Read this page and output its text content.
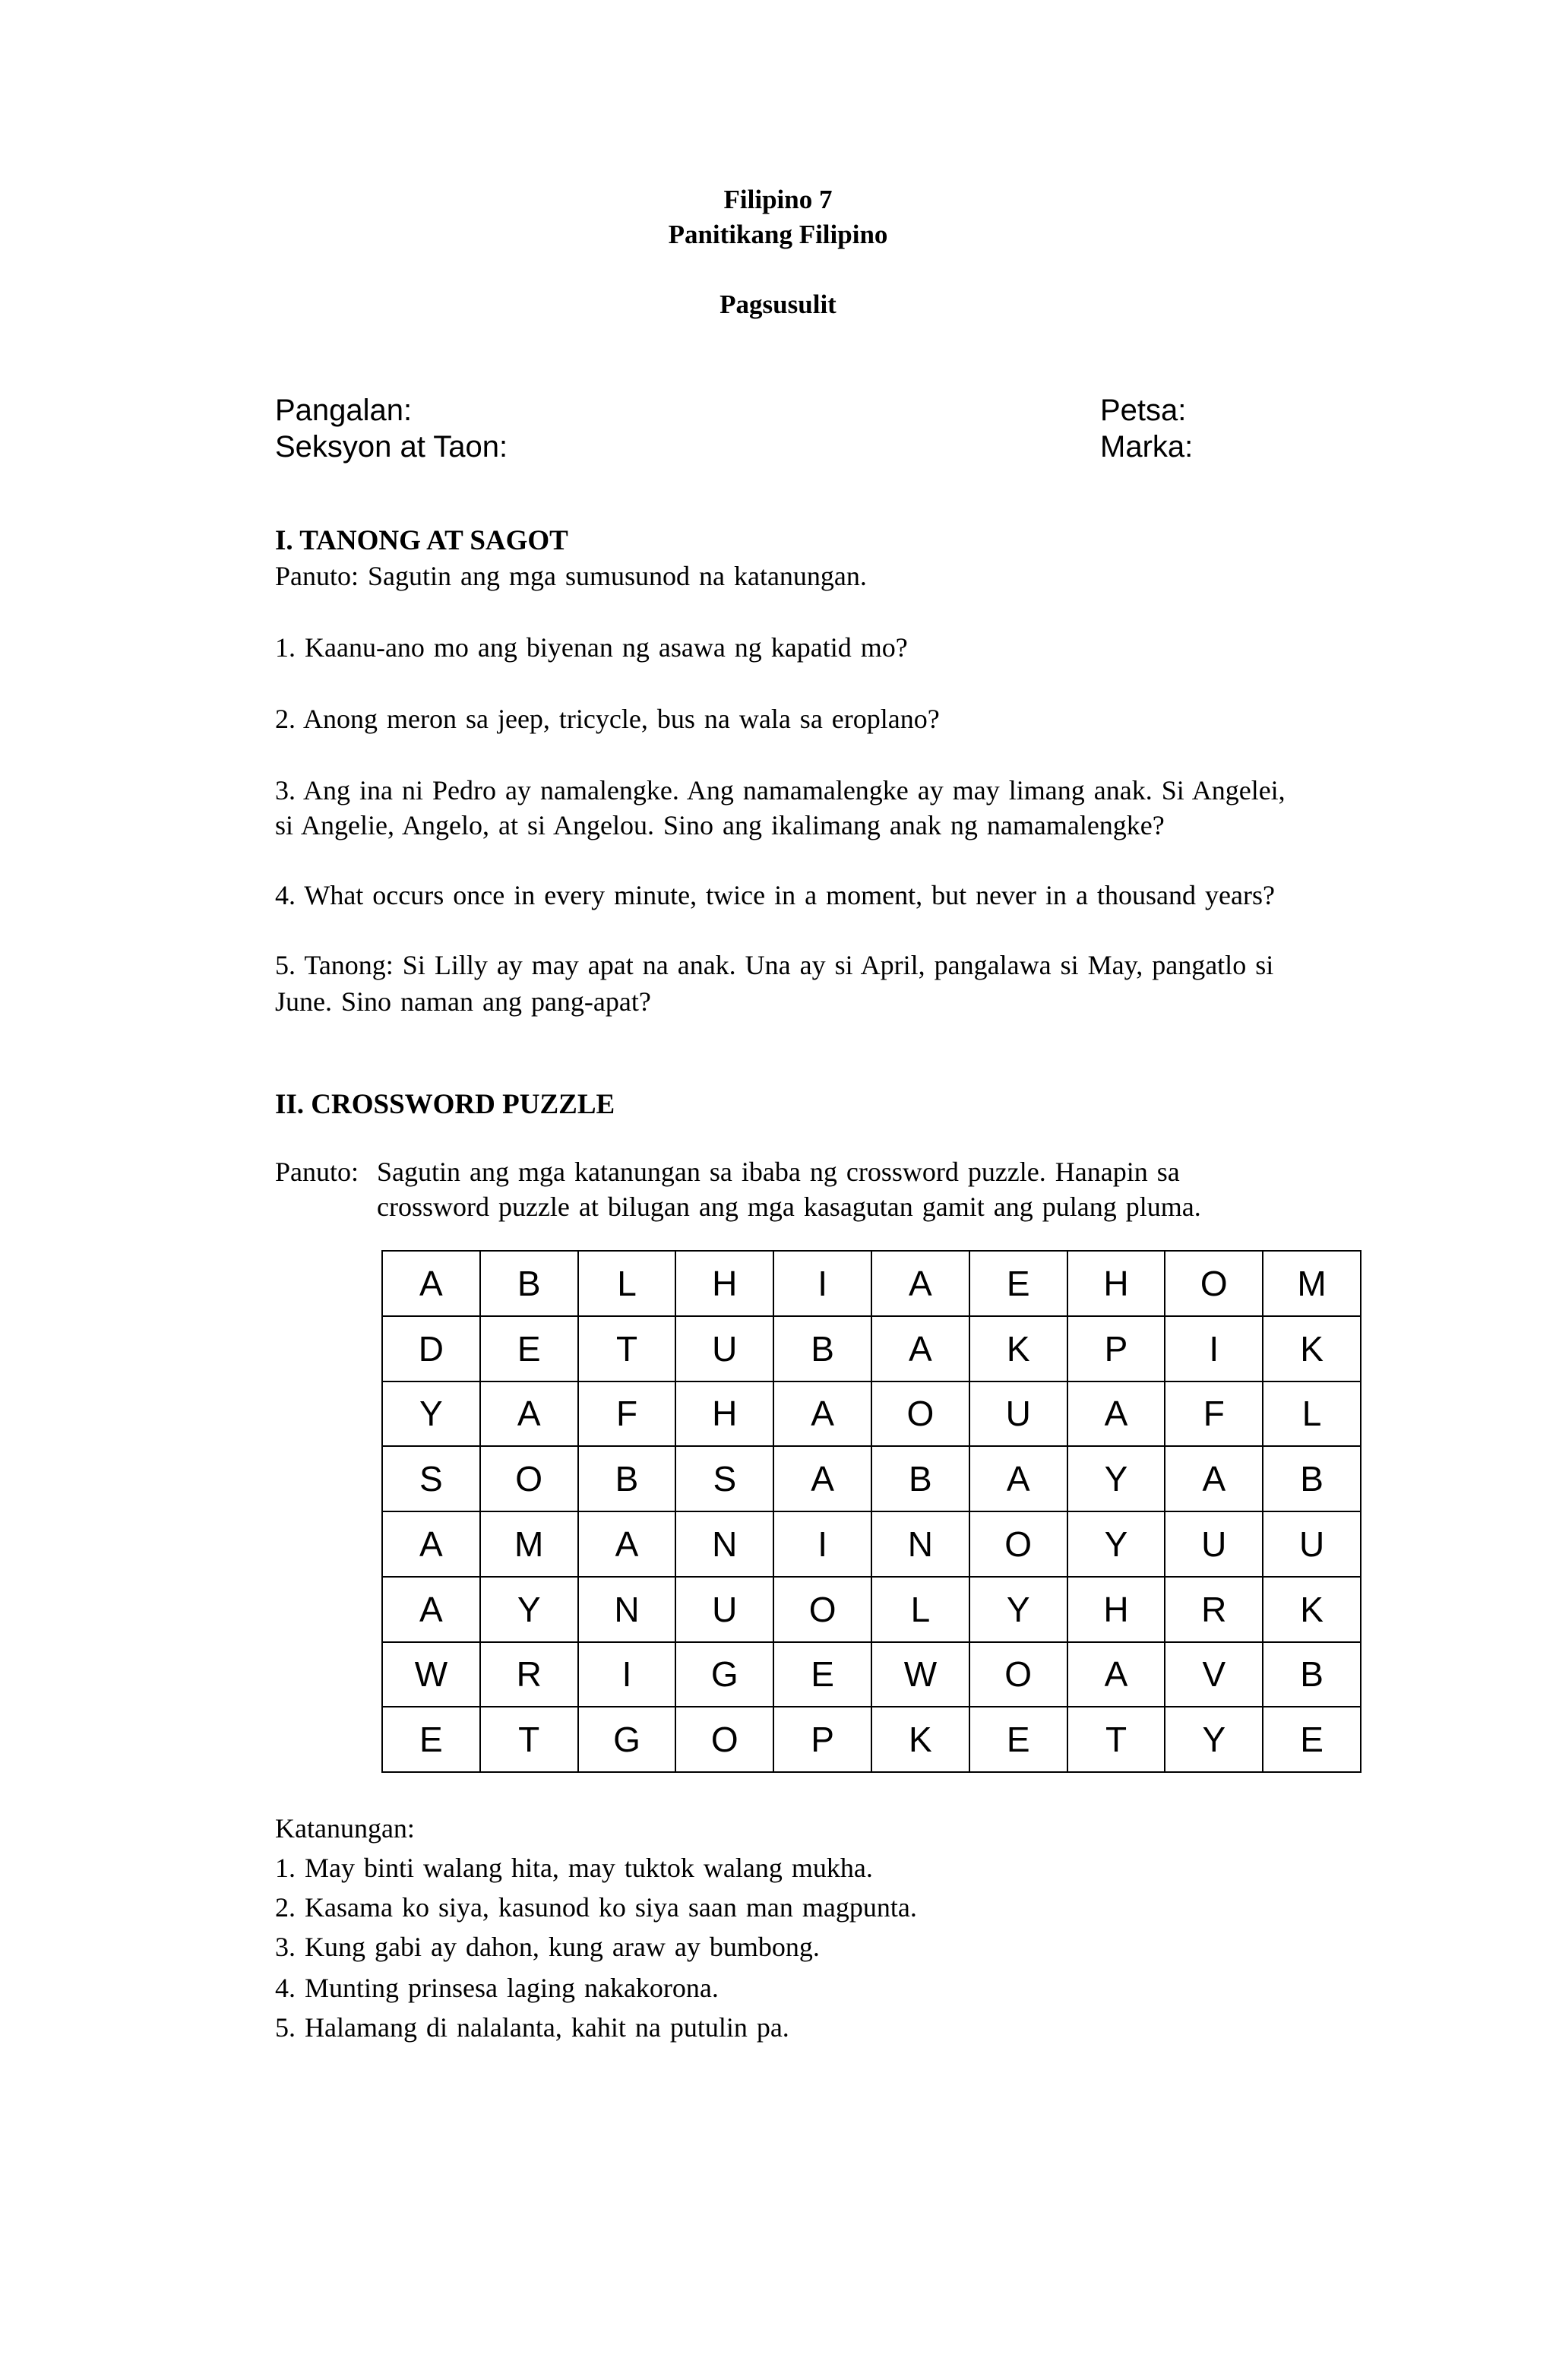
Filipino 7
Panitikang Filipino
Pagsusulit
Pangalan:
Seksyon at Taon:
Petsa:
Marka:
I. TANONG AT SAGOT
Panuto: Sagutin ang mga sumusunod na katanungan.
1. Kaanu-ano mo ang biyenan ng asawa ng kapatid mo?
2. Anong meron sa jeep, tricycle, bus na wala sa eroplano?
3. Ang ina ni Pedro ay namalengke. Ang namamalengke ay may limang anak. Si Angelei,
si Angelie, Angelo, at si Angelou. Sino ang ikalimang anak ng namamalengke?
4. What occurs once in every minute, twice in a moment, but never in a thousand years?
5. Tanong: Si Lilly ay may apat na anak. Una ay si April, pangalawa si May, pangatlo si
June. Sino naman ang pang-apat?
II. CROSSWORD PUZZLE
Panuto: Sagutin ang mga katanungan sa ibaba ng crossword puzzle. Hanapin sa
crossword puzzle at bilugan ang mga kasagutan gamit ang pulang pluma.
A	B	L	H	I	A	E	H	O	M
D	E	T	U	B	A	K	P	I	K
Y	A	F	H	A	O	U	A	F	L
S	O	B	S	A	B	A	Y	A	B
A	M	A	N	I	N	O	Y	U	U
A	Y	N	U	O	L	Y	H	R	K
W	R	I	G	E	W	O	A	V	B
E	T	G	O	P	K	E	T	Y	E
Katanungan:
1. May binti walang hita, may tuktok walang mukha.
2. Kasama ko siya, kasunod ko siya saan man magpunta.
3. Kung gabi ay dahon, kung araw ay bumbong.
4. Munting prinsesa laging nakakorona.
5. Halamang di nalalanta, kahit na putulin pa.
